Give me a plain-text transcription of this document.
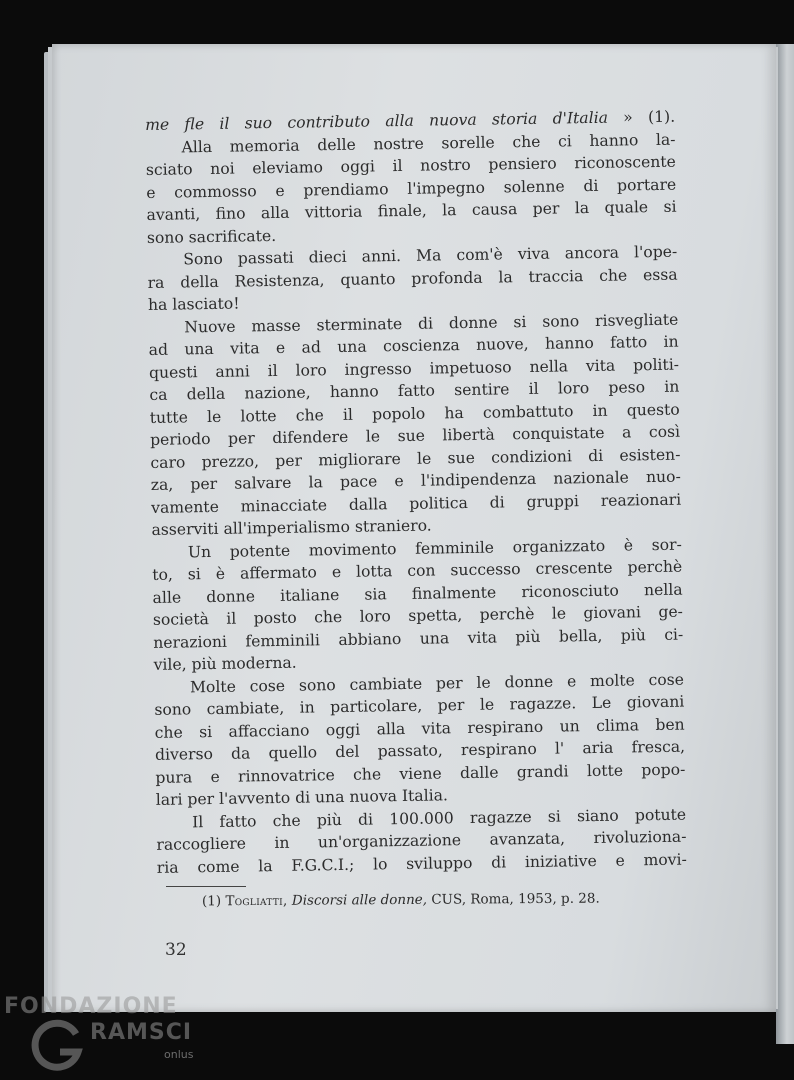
me fle il suo contributo alla nuova storia d'Italia » (1).
Alla memoria delle nostre sorelle che ci hanno la-
sciato noi eleviamo oggi il nostro pensiero riconoscente
e commosso e prendiamo l'impegno solenne di portare
avanti, fino alla vittoria finale, la causa per la quale si
sono sacrificate.
Sono passati dieci anni. Ma com'è viva ancora l'ope-
ra della Resistenza, quanto profonda la traccia che essa
ha lasciato!
Nuove masse sterminate di donne si sono risvegliate
ad una vita e ad una coscienza nuove, hanno fatto in
questi anni il loro ingresso impetuoso nella vita politi-
ca della nazione, hanno fatto sentire il loro peso in
tutte le lotte che il popolo ha combattuto in questo
periodo per difendere le sue libertà conquistate a così
caro prezzo, per migliorare le sue condizioni di esisten-
za, per salvare la pace e l'indipendenza nazionale nuo-
vamente minacciate dalla politica di gruppi reazionari
asserviti all'imperialismo straniero.
Un potente movimento femminile organizzato è sor-
to, si è affermato e lotta con successo crescente perchè
alle donne italiane sia finalmente riconosciuto nella
società il posto che loro spetta, perchè le giovani ge-
nerazioni femminili abbiano una vita più bella, più ci-
vile, più moderna.
Molte cose sono cambiate per le donne e molte cose
sono cambiate, in particolare, per le ragazze. Le giovani
che si affacciano oggi alla vita respirano un clima ben
diverso da quello del passato, respirano l' aria fresca,
pura e rinnovatrice che viene dalle grandi lotte popo-
lari per l'avvento di una nuova Italia.
Il fatto che più di 100.000 ragazze si siano potute
raccogliere in un'organizzazione avanzata, rivoluziona-
ria come la F.G.C.I.; lo sviluppo di iniziative e movi-
(1) Togliatti, Discorsi alle donne, CUS, Roma, 1953, p. 28.
32
FONDAZIONE
RAMSCI
onlus
